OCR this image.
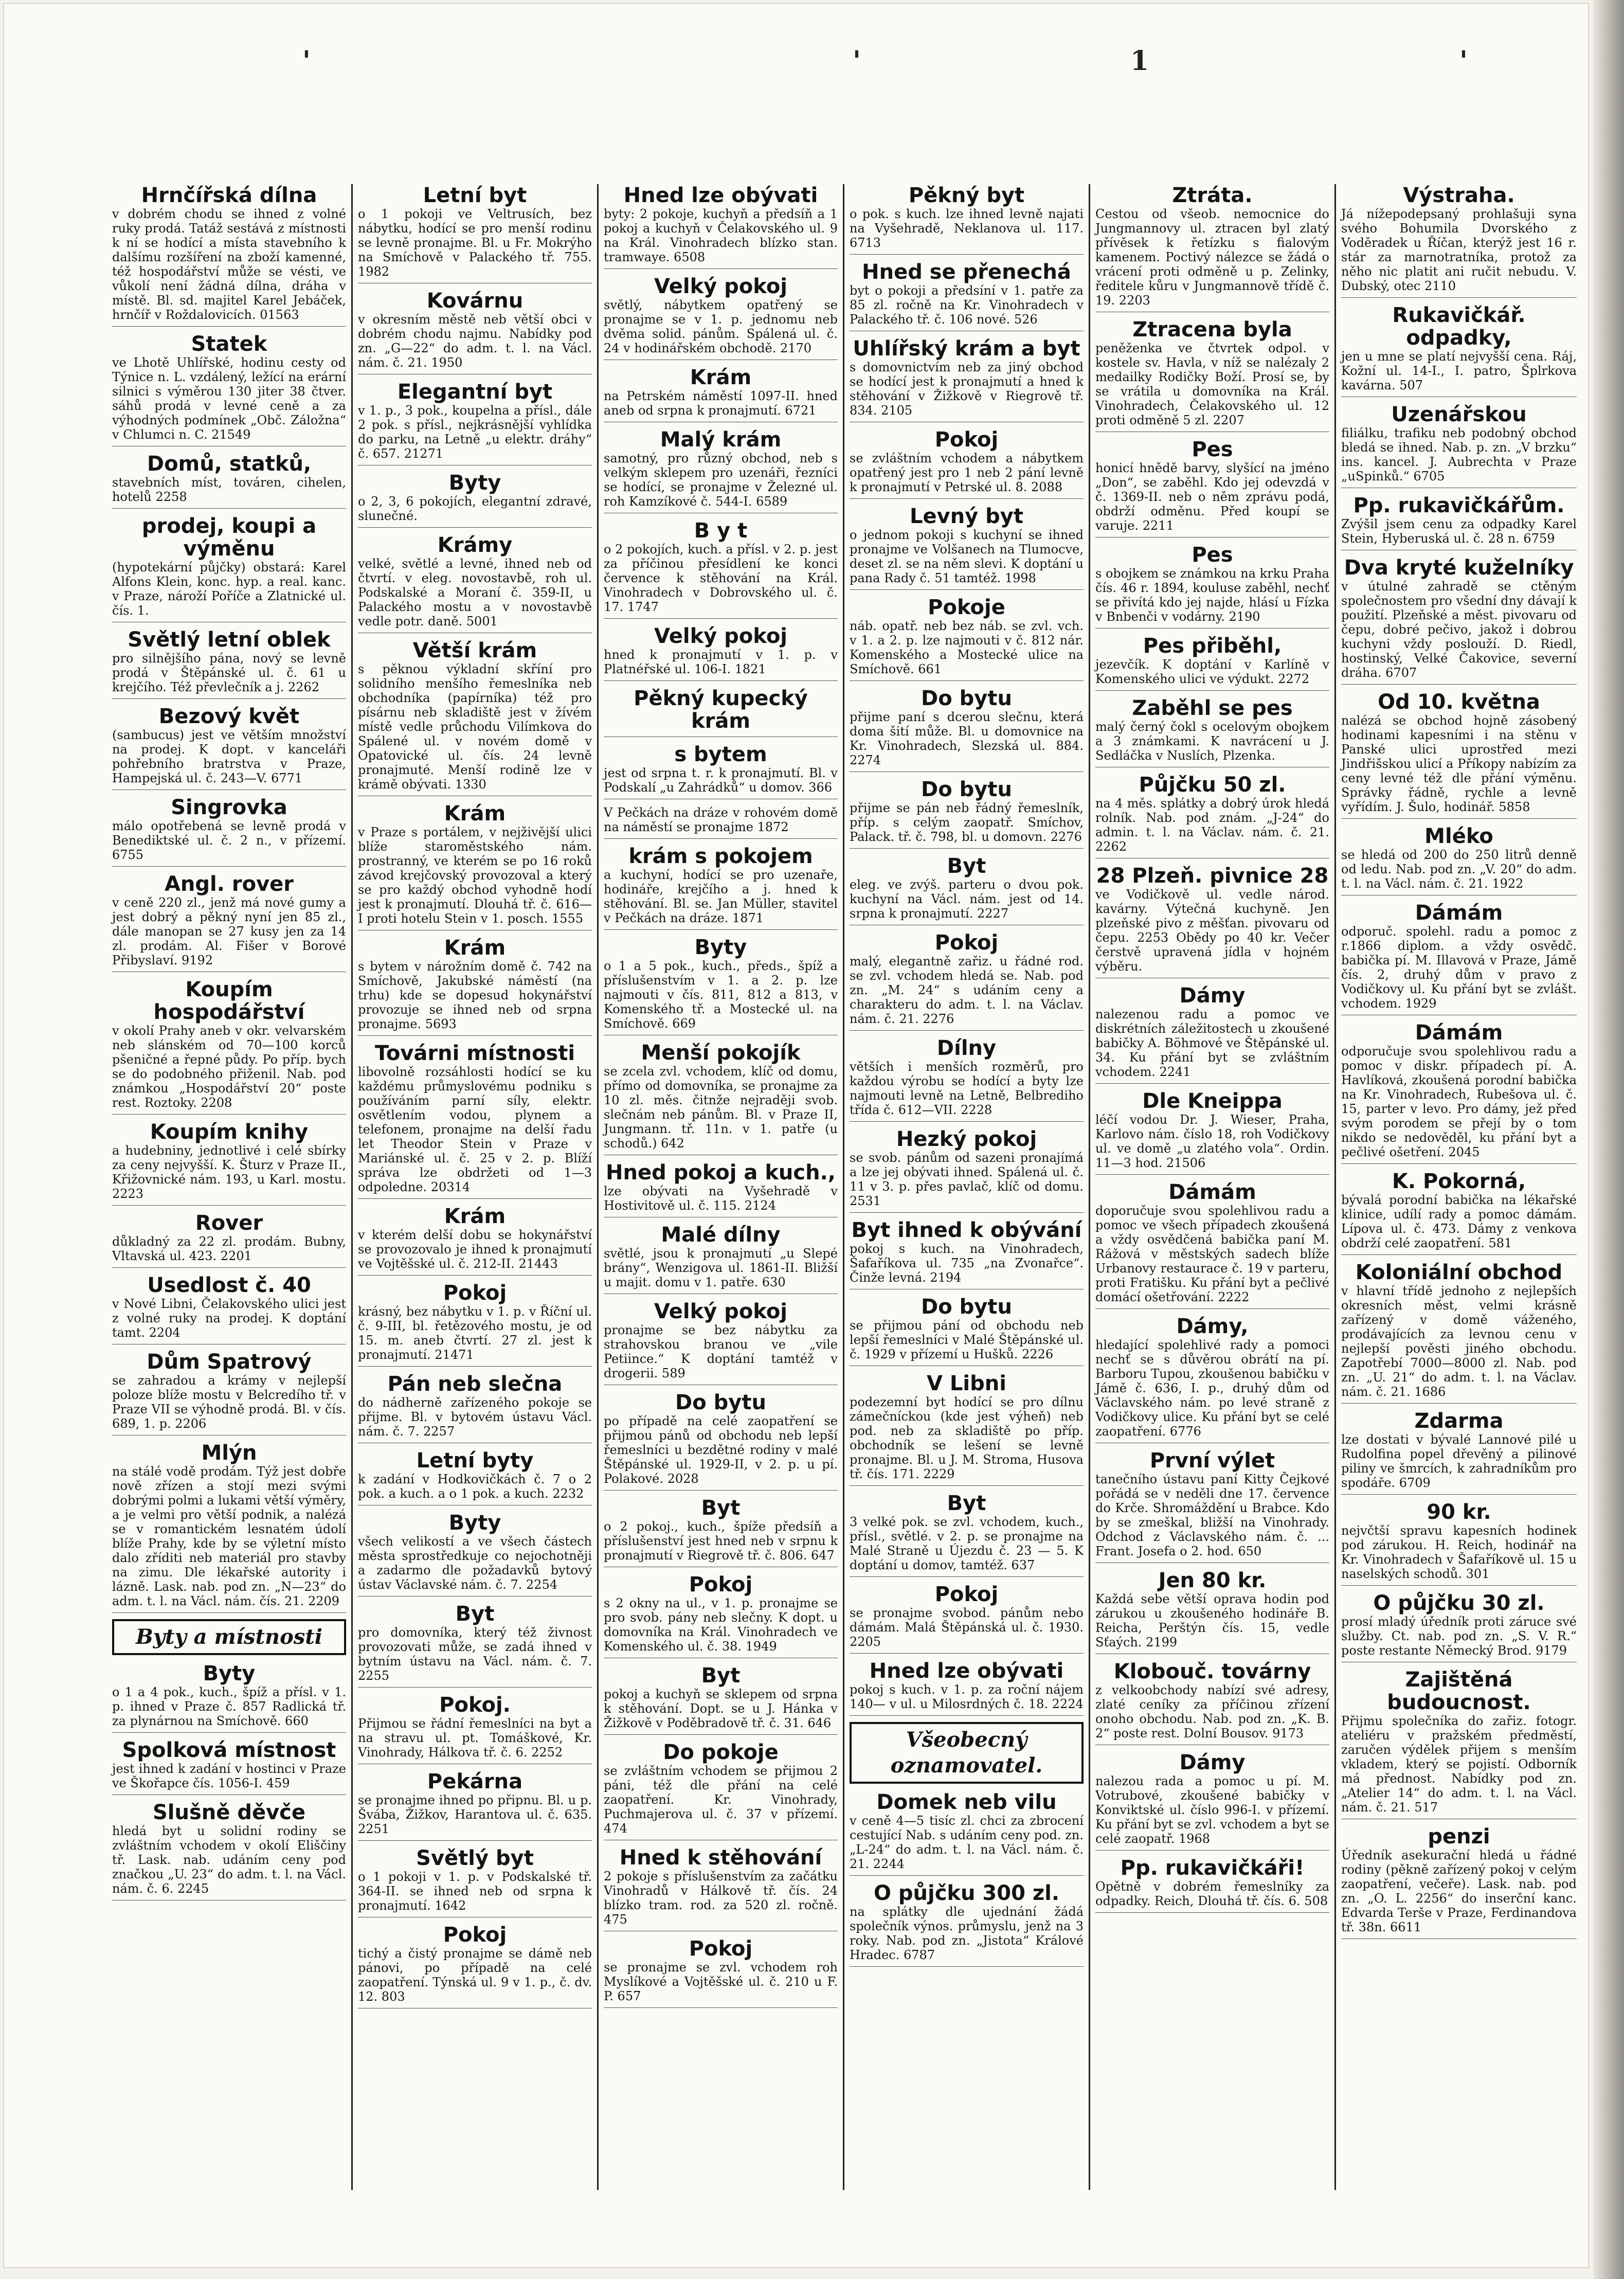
'	'	1	'
Hrnčířská dílna
v dobrém chodu se ihned z volné ruky prodá. Tatáž sestává z místnosti k ní se hodící a místa stavebního k dalšímu rozšíření na zboží kamenné, též hospodářství může se vésti, ve vůkolí není žádná dílna, dráha v místě. Bl. sd. majitel Karel Jebáček, hrnčíř v Roždalovicích. 01563
Statek
ve Lhotě Uhlířské, hodinu cesty od Týnice n. L. vzdálený, ležící na erární silnici s výměrou 130 jiter 38 čtver. sáhů prodá v levné ceně a za výhodných podmínek „Obč. Záložna“ v Chlumci n. C. 21549
Domů, statků,
stavebních míst, továren, cihelen, hotelů 2258
prodej, koupi a výměnu
(hypotekární půjčky) obstará: Karel Alfons Klein, konc. hyp. a real. kanc. v Praze, nároží Poříče a Zlatnické ul. čís. 1.
Světlý letní oblek
pro silnějšího pána, nový se levně prodá v Štěpánské ul. č. 61 u krejčího. Též převlečník a j. 2262
Bezový květ
(sambucus) jest ve větším množství na prodej. K dopt. v kanceláři pohřebního bratrstva v Praze, Hampejská ul. č. 243—V. 6771
Singrovka
málo opotřebená se levně prodá v Benediktské ul. č. 2 n., v přízemí. 6755
Angl. rover
v ceně 220 zl., jenž má nové gumy a jest dobrý a pěkný nyní jen 85 zl., dále manopan se 27 kusy jen za 14 zl. prodám. Al. Fišer v Borové Přibyslaví. 9192
Koupím hospodářství
v okolí Prahy aneb v okr. velvarském neb slánském od 70—100 korců pšeničné a řepné půdy. Po příp. bych se do podobného přiženil. Nab. pod známkou „Hospodářství 20“ poste rest. Roztoky. 2208
Koupím knihy
a hudebniny, jednotlivé i celé sbírky za ceny nejvyšší. K. Šturz v Praze II., Křižovnické nám. 193, u Karl. mostu. 2223
Rover
důkladný za 22 zl. prodám. Bubny, Vltavská ul. 423. 2201
Usedlost č. 40
v Nové Libni, Čelakovského ulici jest z volné ruky na prodej. K doptání tamt. 2204
Dům Spatrový
se zahradou a krámy v nejlepší poloze blíže mostu v Belcredího tř. v Praze VII se výhodně prodá. Bl. v čís. 689, 1. p. 2206
Mlýn
na stálé vodě prodám. Týž jest dobře nově zřízen a stojí mezi svými dobrými polmi a lukami větší výměry, a je velmi pro větší podnik, a nalézá se v romantickém lesnatém údolí blíže Prahy, kde by se výletní místo dalo zříditi neb materiál pro stavby na zimu. Dle lékařské autority i lázně. Lask. nab. pod zn. „N—23“ do adm. t. l. na Václ. nám. čís. 21. 2209
Byty a místnosti
Byty
o 1 a 4 pok., kuch., špíž a přísl. v 1. p. ihned v Praze č. 857 Radlická tř. za plynárnou na Smíchově. 660
Spolková místnost
jest ihned k zadání v hostinci v Praze ve Škořapce čís. 1056-I. 459
Slušně děvče
hledá byt u solidní rodiny se zvláštním vchodem v okolí Eliščiny tř. Lask. nab. udáním ceny pod značkou „U. 23“ do adm. t. l. na Václ. nám. č. 6. 2245
Letní byt
o 1 pokoji ve Veltrusích, bez nábytku, hodící se pro menší rodinu se levně pronajme. Bl. u Fr. Mokrýho na Smíchově v Palackého tř. 755. 1982
Kovárnu
v okresním městě neb větší obci v dobrém chodu najmu. Nabídky pod zn. „G—22“ do adm. t. l. na Václ. nám. č. 21. 1950
Elegantní byt
v 1. p., 3 pok., koupelna a přísl., dále 2 pok. s přísl., nejkrásnější vyhlídka do parku, na Letně „u elektr. dráhy“ č. 657. 21271
Byty
o 2, 3, 6 pokojích, elegantní zdravé, slunečné.
Krámy
velké, světlé a levné, ihned neb od čtvrtí. v eleg. novostavbě, roh ul. Podskalské a Moraní č. 359-II, u Palackého mostu a v novostavbě vedle potr. daně. 5001
Větší krám
s pěknou výkladní skříní pro solidního menšího řemeslníka neb obchodníka (papírníka) též pro písárnu neb skladiště jest v žívém místě vedle průchodu Vilímkova do Spálené ul. v novém domě v Opatovické ul. čís. 24 levně pronajmuté. Menší rodině lze v krámě obývati. 1330
Krám
v Praze s portálem, v nejživější ulici blíže staroměstského nám. prostranný, ve kterém se po 16 roků závod krejčovský provozoval a který se pro každý obchod vyhodně hodí jest k pronajmutí. Dlouhá tř. č. 616—I proti hotelu Stein v 1. posch. 1555
Krám
s bytem v nárožním domě č. 742 na Smíchově, Jakubské náměstí (na trhu) kde se dopesud hokynářství provozuje se ihned neb od srpna pronajme. 5693
Továrni místnosti
libovolně rozsáhlosti hodící se ku každému průmyslovému podniku s používáním parní síly, elektr. osvětlením vodou, plynem a telefonem, pronajme na delší řadu let Theodor Stein v Praze v Mariánské ul. č. 25 v 2. p. Blíží správa lze obdržeti od 1—3 odpoledne. 20314
Krám
v kterém delší dobu se hokynářství se provozovalo je ihned k pronajmutí ve Vojtěšské ul. č. 212-II. 21443
Pokoj
krásný, bez nábytku v 1. p. v Říční ul. č. 9-III, bl. řetězového mostu, je od 15. m. aneb čtvrtí. 27 zl. jest k pronajmutí. 21471
Pán neb slečna
do nádherně zařízeného pokoje se přijme. Bl. v bytovém ústavu Václ. nám. č. 7. 2257
Letní byty
k zadání v Hodkovičkách č. 7 o 2 pok. a kuch. a o 1 pok. a kuch. 2232
Byty
všech velikostí a ve všech částech města sprostředkuje co nejochotněji a zadarmo dle požadavků bytový ústav Václavské nám. č. 7. 2254
Byt
pro domovníka, který též živnost provozovati může, se zadá ihned v bytním ústavu na Václ. nám. č. 7. 2255
Pokoj.
Přijmou se řádní řemeslníci na byt a na stravu ul. pt. Tomáškové, Kr. Vinohrady, Hálkova tř. č. 6. 2252
Pekárna
se pronajme ihned po připnu. Bl. u p. Švába, Žižkov, Harantova ul. č. 635. 2251
Světlý byt
o 1 pokoji v 1. p. v Podskalské tř. 364-II. se ihned neb od srpna k pronajmutí. 1642
Pokoj
tichý a čistý pronajme se dámě neb pánovi, po případě na celé zaopatření. Týnská ul. 9 v 1. p., č. dv. 12. 803
Hned lze obývati
byty: 2 pokoje, kuchyň a předsíň a 1 pokoj a kuchyň v Čelakovského ul. 9 na Král. Vinohradech blízko stan. tramwaye. 6508
Velký pokoj
světlý, nábytkem opatřený se pronajme se v 1. p. jednomu neb dvěma solid. pánům. Spálená ul. č. 24 v hodinářském obchodě. 2170
Krám
na Petrském náměstí 1097-II. hned aneb od srpna k pronajmutí. 6721
Malý krám
samotný, pro různý obchod, neb s velkým sklepem pro uzenáři, řezníci se hodící, se pronajme v Železné ul. roh Kamzíkové č. 544-I. 6589
B y t
o 2 pokojích, kuch. a přísl. v 2. p. jest za příčinou přesídlení ke konci července k stěhování na Král. Vinohradech v Dobrovského ul. č. 17. 1747
Velký pokoj
hned k pronajmutí v 1. p. v Platnéřské ul. 106-I. 1821
Pěkný kupecký krám
s bytem
jest od srpna t. r. k pronajmutí. Bl. v Podskalí „u Zahrádků“ u domov. 366
V Pečkách na dráze v rohovém domě na náměstí se pronajme 1872
krám s pokojem
a kuchyní, hodící se pro uzenaře, hodináře, krejčího a j. hned k stěhování. Bl. se. Jan Müller, stavitel v Pečkách na dráze. 1871
Byty
o 1 a 5 pok., kuch., předs., špíž a příslušenstvím v 1. a 2. p. lze najmouti v čís. 811, 812 a 813, v Komenského tř. a Mostecké ul. na Smíchově. 669
Menší pokojík
se zcela zvl. vchodem, klíč od domu, přímo od domovníka, se pronajme za 10 zl. měs. čitnže nejraději svob. slečnám neb pánům. Bl. v Praze II, Jungmann. tř. 11n. v 1. patře (u schodů.) 642
Hned pokoj a kuch.,
lze obývati na Vyšehradě v Hostivitově ul. č. 115. 2124
Malé dílny
světlé, jsou k pronajmutí „u Slepé brány“, Wenzigova ul. 1861-II. Bližší u majit. domu v 1. patře. 630
Velký pokoj
pronajme se bez nábytku za strahovskou branou ve „vile Petiince.“ K doptání tamtéž v drogerii. 589
Do bytu
po případě na celé zaopatření se přijmou pánů od obchodu neb lepší řemeslníci u bezdětné rodiny v malé Štěpánské ul. 1929-II, v 2. p. u pí. Polakové. 2028
Byt
o 2 pokoj., kuch., špíže předsíň a příslušenství jest hned neb v srpnu k pronajmutí v Riegrově tř. č. 806. 647
Pokoj
s 2 okny na ul., v 1. p. pronajme se pro svob. pány neb slečny. K dopt. u domovníka na Král. Vinohradech ve Komenského ul. č. 38. 1949
Byt
pokoj a kuchyň se sklepem od srpna k stěhování. Dopt. se u J. Hánka v Žižkově v Poděbradově tř. č. 31. 646
Do pokoje
se zvláštním vchodem se přijmou 2 páni, též dle přání na celé zaopatření. Kr. Vinohrady, Puchmajerova ul. č. 37 v přízemí. 474
Hned k stěhování
2 pokoje s příslušenstvím za začátku Vinohradů v Hálkově tř. čís. 24 blízko tram. rod. za 520 zl. ročně. 475
Pokoj
se pronajme se zvl. vchodem roh Myslíkové a Vojtěšské ul. č. 210 u F. P. 657
Pěkný byt
o pok. s kuch. lze ihned levně najati na Vyšehradě, Neklanova ul. 117. 6713
Hned se přenechá
byt o pokoji a předsíní v 1. patře za 85 zl. ročně na Kr. Vinohradech v Palackého tř. č. 106 nové. 526
Uhlířský krám a byt
s domovnictvím neb za jiný obchod se hodící jest k pronajmutí a hned k stěhování v Žižkově v Riegrově tř. 834. 2105
Pokoj
se zvláštním vchodem a nábytkem opatřený jest pro 1 neb 2 pání levně k pronajmutí v Petrské ul. 8. 2088
Levný byt
o jednom pokoji s kuchyní se ihned pronajme ve Volšanech na Tlumocve, deset zl. se na něm slevi. K doptání u pana Rady č. 51 tamtéž. 1998
Pokoje
náb. opatř. neb bez náb. se zvl. vch. v 1. a 2. p. lze najmouti v č. 812 nár. Komenského a Mostecké ulice na Smíchově. 661
Do bytu
přijme paní s dcerou slečnu, která doma šití může. Bl. u domovnice na Kr. Vinohradech, Slezská ul. 884. 2274
Do bytu
přijme se pán neb řádný řemeslník, příp. s celým zaopatř. Smíchov, Palack. tř. č. 798, bl. u domovn. 2276
Byt
eleg. ve zvýš. parteru o dvou pok. kuchyní na Václ. nám. jest od 14. srpna k pronajmutí. 2227
Pokoj
malý, elegantně zařiz. u řádné rod. se zvl. vchodem hledá se. Nab. pod zn. „M. 24“ s udáním ceny a charakteru do adm. t. l. na Václav. nám. č. 21. 2276
Dílny
větších i menších rozměrů, pro každou výrobu se hodící a byty lze najmouti levně na Letně, Belbrediho třída č. 612—VII. 2228
Hezký pokoj
se svob. pánům od sazeni pronajímá a lze jej obývati ihned. Spálená ul. č. 11 v 3. p. přes pavlač, klíč od domu. 2531
Byt ihned k obývání
pokoj s kuch. na Vinohradech, Šafaříkova ul. 735 „na Zvonařce“. Činže levná. 2194
Do bytu
se přijmou pání od obchodu neb lepší řemeslníci v Malé Štěpánské ul. č. 1929 v přízemí u Hušků. 2226
V Libni
podezemní byt hodící se pro dílnu zámečníckou (kde jest výheň) neb pod. neb za skladiště po příp. obchodník se lešení se levně pronajme. Bl. u J. M. Stroma, Husova tř. čís. 171. 2229
Byt
3 velké pok. se zvl. vchodem, kuch., přísl., světlé. v 2. p. se pronajme na Malé Straně u Újezdu č. 23 — 5. K doptání u domov, tamtéž. 637
Pokoj
se pronajme svobod. pánům nebo dámám. Malá Štěpánská ul. č. 1930. 2205
Hned lze obývati
pokoj s kuch. v 1. p. za roční nájem 140— v ul. u Milosrdných č. 18. 2224
Všeobecný oznamovatel.
Domek neb vilu
v ceně 4—5 tisíc zl. chci za zbrocení cestující Nab. s udáním ceny pod. zn. „L-24“ do adm. t. l. na Václ. nám. č. 21. 2244
O půjčku 300 zl.
na splátky dle ujednání žádá společník výnos. průmyslu, jenž na 3 roky. Nab. pod zn. „Jistota“ Králové Hradec. 6787
Ztráta.
Cestou od všeob. nemocnice do Jungmannovy ul. ztracen byl zlatý přívěsek k řetízku s fialovým kamenem. Poctivý nálezce se žádá o vrácení proti odměně u p. Zelinky, ředitele kůru v Jungmannově třídě č. 19. 2203
Ztracena byla
peněženka ve čtvrtek odpol. v kostele sv. Havla, v níž se nalézaly 2 medailky Rodičky Boží. Prosí se, by se vrátila u domovníka na Král. Vinohradech, Čelakovského ul. 12 proti odměně 5 zl. 2207
Pes
honicí hnědě barvy, slyšící na jméno „Don“, se zaběhl. Kdo jej odevzdá v č. 1369-II. neb o něm zprávu podá, obdrží odměnu. Před koupí se varuje. 2211
Pes
s obojkem se známkou na krku Praha čís. 46 r. 1894, kouluse zaběhl, nechť se přivítá kdo jej najde, hlásí u Fízka v Bnbenči v vodárny. 2190
Pes přiběhl,
jezevčík. K doptání v Karlíně v Komenského ulici ve výdukt. 2272
Zaběhl se pes
malý černý čokl s ocelovým obojkem a 3 známkami. K navrácení u J. Sedláčka v Nuslích, Plzenka.
Půjčku 50 zl.
na 4 měs. splátky a dobrý úrok hledá rolník. Nab. pod znám. „J-24“ do admin. t. l. na Václav. nám. č. 21. 2262
28 Plzeň. pivnice 28
ve Vodičkově ul. vedle národ. kavárny. Výtečná kuchyně. Jen plzeňské pivo z měšťan. pivovaru od čepu. 2253 Obědy po 40 kr. Večer čerstvě upravená jídla v hojném výběru.
Dámy
nalezenou radu a pomoc ve diskrétních záležitostech u zkoušené babičky A. Böhmové ve Štěpánské ul. 34. Ku přání byt se zvláštním vchodem. 2241
Dle Kneippa
léčí vodou Dr. J. Wieser, Praha, Karlovo nám. číslo 18, roh Vodičkovy ul. ve domě „u zlatého vola“. Ordin. 11—3 hod. 21506
Dámám
doporučuje svou spolehlivou radu a pomoc ve všech případech zkoušená a vždy osvědčená babička paní M. Rážová v městských sadech blíže Urbanovy restaurace č. 19 v parteru, proti Fratišku. Ku přání byt a pečlivé domácí ošetřování. 2222
Dámy,
hledající spolehlivé rady a pomoci nechť se s důvěrou obrátí na pí. Barboru Tupou, zkoušenou babičku v Jámě č. 636, I. p., druhý dům od Václavského nám. po levé straně z Vodičkovy ulice. Ku přání byt se celé zaopatření. 6776
První výlet
tanečního ústavu paní Kitty Čejkové pořádá se v neděli dne 17. července do Krče. Shromáždění u Brabce. Kdo by se zmeškal, bližší na Vinohrady. Odchod z Václavského nám. č. ... Frant. Josefa o 2. hod. 650
Jen 80 kr.
Každá sebe větší oprava hodin pod zárukou u zkoušeného hodináře B. Reicha, Perštýn čís. 15, vedle Sťaých. 2199
Klobouč. továrny
z velkoobchody nabízí své adresy, zlaté ceníky za příčinou zřízení onoho obchodu. Nab. pod zn. „K. B. 2“ poste rest. Dolní Bousov. 9173
Dámy
nalezou rada a pomoc u pí. M. Votrubové, zkoušené babičky v Konviktské ul. číslo 996-I. v přízemí. Ku přání byt se zvl. vchodem a byt se celé zaopatř. 1968
Pp. rukavičkáři!
Opětně v dobrém řemeslníky za odpadky. Reich, Dlouhá tř. čís. 6. 508
Výstraha.
Já nížepodepsaný prohlašuji syna svého Bohumila Dvorského z Voděradek u Říčan, kterýž jest 16 r. stár za marnotratníka, protož za něho nic platit ani ručit nebudu. V. Dubský, otec 2110
Rukavičkář. odpadky,
jen u mne se platí nejvyšší cena. Ráj, Kožní ul. 14-I., I. patro, Šplrkova kavárna. 507
Uzenářskou
filiálku, trafiku neb podobný obchod bledá se ihned. Nab. p. zn. „V brzku“ ins. kancel. J. Aubrechta v Praze „uSpinků.“ 6705
Pp. rukavičkářům.
Zvýšil jsem cenu za odpadky Karel Stein, Hyberuská ul. č. 28 n. 6759
Dva kryté kuželníky
v útulné zahradě se ctěným společnostem pro všední dny dávají k použití. Plzeňské a měst. pivovaru od čepu, dobré pečivo, jakož i dobrou kuchyni vždy poslouží. D. Riedl, hostinský, Velké Čakovice, severní dráha. 6707
Od 10. května
nalézá se obchod hojně zásobený hodinami kapesními i na stěnu v Panské ulici uprostřed mezi Jindřišskou ulicí a Příkopy nabízím za ceny levné též dle přání výměnu. Správky řádně, rychle a levně vyřídím. J. Šulo, hodinář. 5858
Mléko
se hledá od 200 do 250 litrů denně od ledu. Nab. pod zn. „V. 20“ do adm. t. l. na Václ. nám. č. 21. 1922
Dámám
odporuč. spolehl. radu a pomoc z r.1866 diplom. a vždy osvědč. babička pí. M. Illavová v Praze, Jámě čís. 2, druhý dům v pravo z Vodičkovy ul. Ku přání byt se zvlášt. vchodem. 1929
Dámám
odporučuje svou spolehlivou radu a pomoc v diskr. případech pí. A. Havlíková, zkoušená porodní babička na Kr. Vinohradech, Rubešova ul. č. 15, parter v levo. Pro dámy, jež před svým porodem se přejí by o tom nikdo se nedověděl, ku přání byt a pečlivé ošetření. 2045
K. Pokorná,
bývalá porodní babička na lékařské klinice, udílí rady a pomoc dámám. Lípova ul. č. 473. Dámy z venkova obdrží celé zaopatření. 581
Koloniální obchod
v hlavní třídě jednoho z nejlepších okresních měst, velmi krásně zařízený v domě váženého, prodávajících za levnou cenu v nejlepší pověsti jiného obchodu. Zapotřebí 7000—8000 zl. Nab. pod zn. „U. 21“ do adm. t. l. na Václav. nám. č. 21. 1686
Zdarma
lze dostati v bývalé Lannové pilé u Rudolfina popel dřevěný a pilinové piliny ve šmrcích, k zahradníkům pro spodáře. 6709
90 kr.
nejvčtší spravu kapesních hodinek pod zárukou. H. Reich, hodinář na Kr. Vinohradech v Šafaříkově ul. 15 u naselských schodů. 301
O půjčku 30 zl.
prosí mladý úředník proti záruce své služby. Ct. nab. pod zn. „S. V. R.“ poste restante Německý Brod. 9179
Zajištěná budoucnost.
Přijmu společníka do zařiz. fotogr. ateliéru v pražském předměstí, zaručen výdělek přijem s menším vkladem, který se pojistí. Odborník má přednost. Nabídky pod zn. „Atelier 14“ do adm. t. l. na Václ. nám. č. 21. 517
penzi
Úředník asekurační hledá u řádné rodiny (pěkně zařízený pokoj v celým zaopatření, večeře). Lask. nab. pod zn. „O. L. 2256“ do inserční kanc. Edvarda Terše v Praze, Ferdinandova tř. 38n. 6611
